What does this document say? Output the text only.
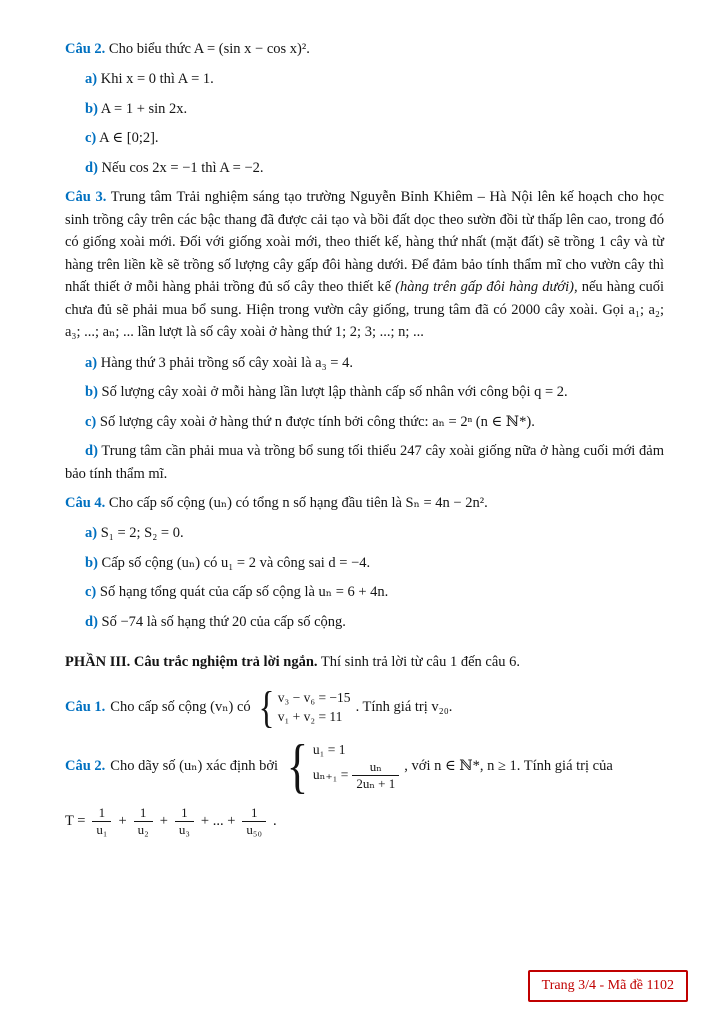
Câu 2. Cho biểu thức A = (sin x − cos x)².

a) Khi x = 0 thì A = 1.

b) A = 1 + sin 2x.

c) A ∈ [0;2].

d) Nếu cos 2x = −1 thì A = −2.

Câu 3. Trung tâm Trải nghiệm sáng tạo trường Nguyễn Bỉnh Khiêm – Hà Nội lên kế hoạch cho học sinh trồng cây trên các bậc thang đã được cải tạo và bồi đất dọc theo sườn đồi từ thấp lên cao, trong đó có giống xoài mới. Đối với giống xoài mới, theo thiết kế, hàng thứ nhất (mặt đất) sẽ trồng 1 cây và từ hàng trên liền kề sẽ trồng số lượng cây gấp đôi hàng dưới. Để đảm bảo tính thẩm mĩ cho vườn cây thì nhất thiết ở mỗi hàng phải trồng đủ số cây theo thiết kế (hàng trên gấp đôi hàng dưới), nếu hàng cuối chưa đủ sẽ phải mua bổ sung. Hiện trong vườn cây giống, trung tâm đã có 2000 cây xoài. Gọi a₁; a₂; a₃; ...; aₙ; ... lần lượt là số cây xoài ở hàng thứ 1; 2; 3; ...; n; ...

a) Hàng thứ 3 phải trồng số cây xoài là a₃ = 4.

b) Số lượng cây xoài ở mỗi hàng lần lượt lập thành cấp số nhân với công bội q = 2.

c) Số lượng cây xoài ở hàng thứ n được tính bởi công thức: aₙ = 2ⁿ (n ∈ ℕ*).

d) Trung tâm cần phải mua và trồng bổ sung tối thiểu 247 cây xoài giống nữa ở hàng cuối mới đảm bảo tính thẩm mĩ.

Câu 4. Cho cấp số cộng (uₙ) có tổng n số hạng đầu tiên là Sₙ = 4n − 2n².

a) S₁ = 2; S₂ = 0.

b) Cấp số cộng (uₙ) có u₁ = 2 và công sai d = −4.

c) Số hạng tổng quát của cấp số cộng là uₙ = 6 + 4n.

d) Số −74 là số hạng thứ 20 của cấp số cộng.

PHẦN III. Câu trắc nghiệm trả lời ngắn. Thí sinh trả lời từ câu 1 đến câu 6.

Câu 1. Cho cấp số cộng (vₙ) có { v₃ − v₆ = −15
v₁ + v₂ = 11
. Tính giá trị v₂₀.
Câu 2. Cho dãy số (uₙ) xác định bởi { u₁ = 1
$u_{n+1} = \frac{\text{uₙ}}{\text{2uₙ + 1}}$ , với n ∈ ℕ*, n ≥ 1. Tính giá trị của
$T = \frac{1}{\text{u₁}} + \frac{1}{\text{u₂}} + \frac{1}{\text{u₃}}$ + ... + $\frac{1}{\text{u₅₀}}$ .
Trang 3/4 - Mã đề 1102
